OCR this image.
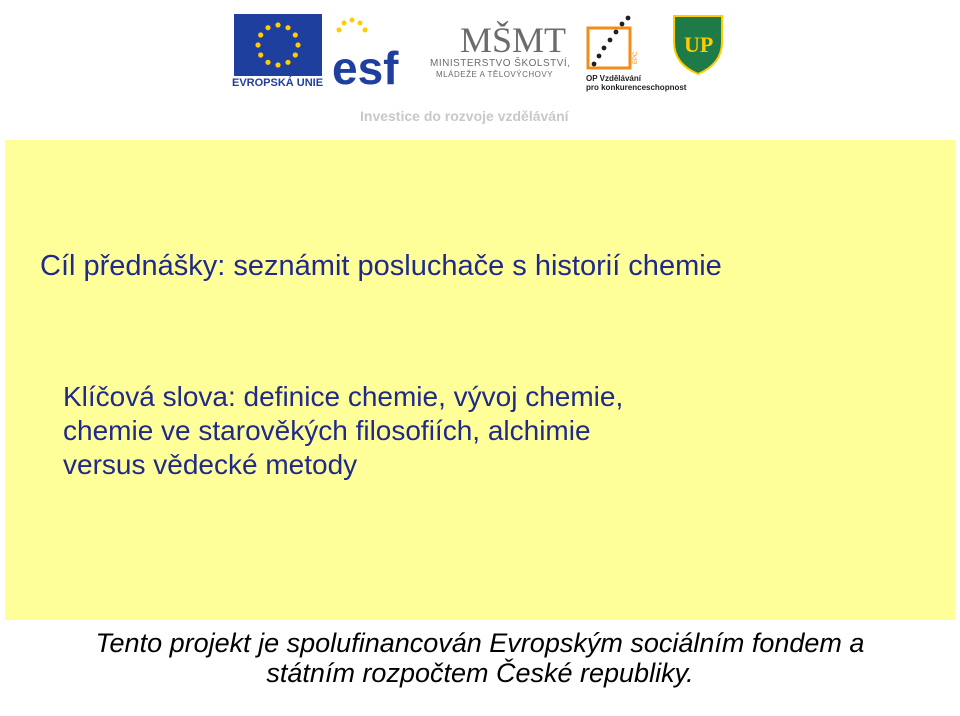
EVROPSKÁ UNIE esf
MŠMT
MINISTERSTVO ŠKOLSTVÍ,
MLÁDEŽE A TĚLOVÝCHOVY
EPC
OP Vzdělávání
pro konkurenceschopnost
UP
Investice do rozvoje vzdělávání
Cíl přednášky: seznámit posluchače s historií chemie
Klíčová slova: definice chemie, vývoj chemie,
chemie ve starověkých filosofiích, alchimie
versus vědecké metody
Tento projekt je spolufinancován Evropským sociálním fondem a
státním rozpočtem České republiky.
